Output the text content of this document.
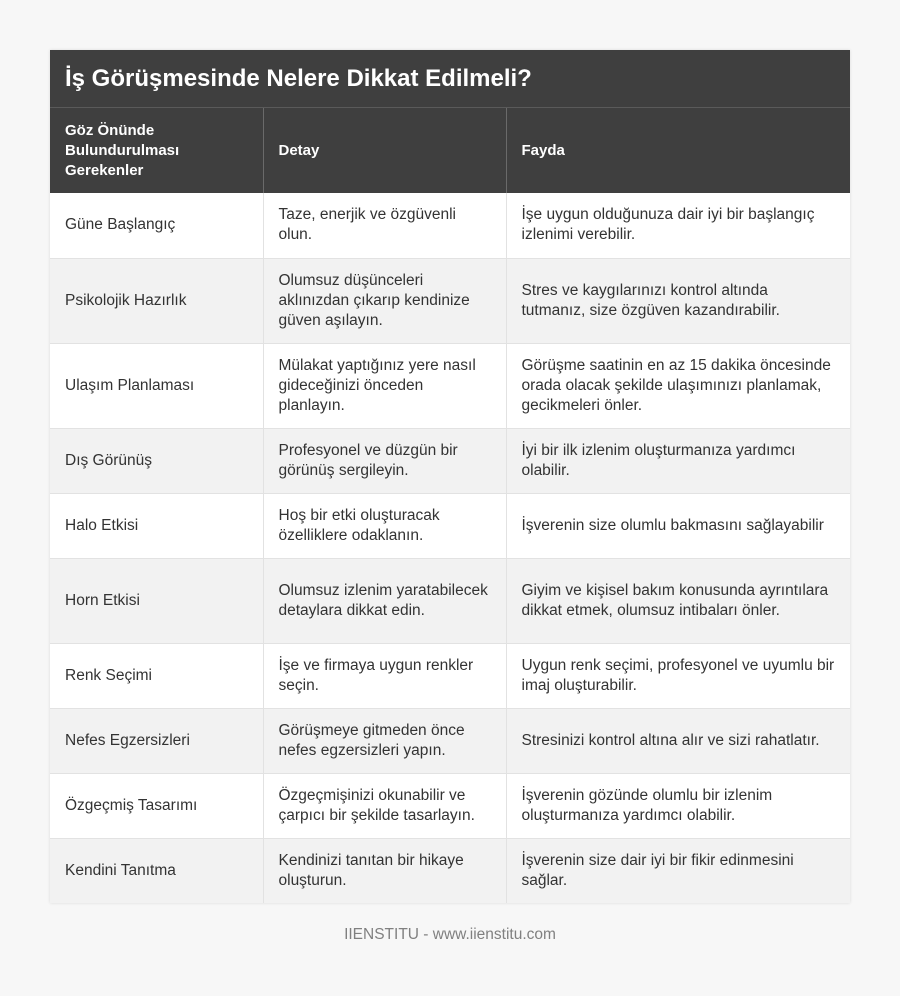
İş Görüşmesinde Nelere Dikkat Edilmeli?
Göz Önünde Bulundurulması Gerekenler	Detay	Fayda
Güne Başlangıç	Taze, enerjik ve özgüvenli olun.	İşe uygun olduğunuza dair iyi bir başlangıç izlenimi verebilir.
Psikolojik Hazırlık	Olumsuz düşünceleri aklınızdan çıkarıp kendinize güven aşılayın.	Stres ve kaygılarınızı kontrol altında tutmanız, size özgüven kazandırabilir.
Ulaşım Planlaması	Mülakat yaptığınız yere nasıl gideceğinizi önceden planlayın.	Görüşme saatinin en az 15 dakika öncesinde orada olacak şekilde ulaşımınızı planlamak, gecikmeleri önler.
Dış Görünüş	Profesyonel ve düzgün bir görünüş sergileyin.	İyi bir ilk izlenim oluşturmanıza yardımcı olabilir.
Halo Etkisi	Hoş bir etki oluşturacak özelliklere odaklanın.	İşverenin size olumlu bakmasını sağlayabilir
Horn Etkisi	Olumsuz izlenim yaratabilecek detaylara dikkat edin.	Giyim ve kişisel bakım konusunda ayrıntılara dikkat etmek, olumsuz intibaları önler.
Renk Seçimi	İşe ve firmaya uygun renkler seçin.	Uygun renk seçimi, profesyonel ve uyumlu bir imaj oluşturabilir.
Nefes Egzersizleri	Görüşmeye gitmeden önce nefes egzersizleri yapın.	Stresinizi kontrol altına alır ve sizi rahatlatır.
Özgeçmiş Tasarımı	Özgeçmişinizi okunabilir ve çarpıcı bir şekilde tasarlayın.	İşverenin gözünde olumlu bir izlenim oluşturmanıza yardımcı olabilir.
Kendini Tanıtma	Kendinizi tanıtan bir hikaye oluşturun.	İşverenin size dair iyi bir fikir edinmesini sağlar.
IIENSTITU - www.iienstitu.com
